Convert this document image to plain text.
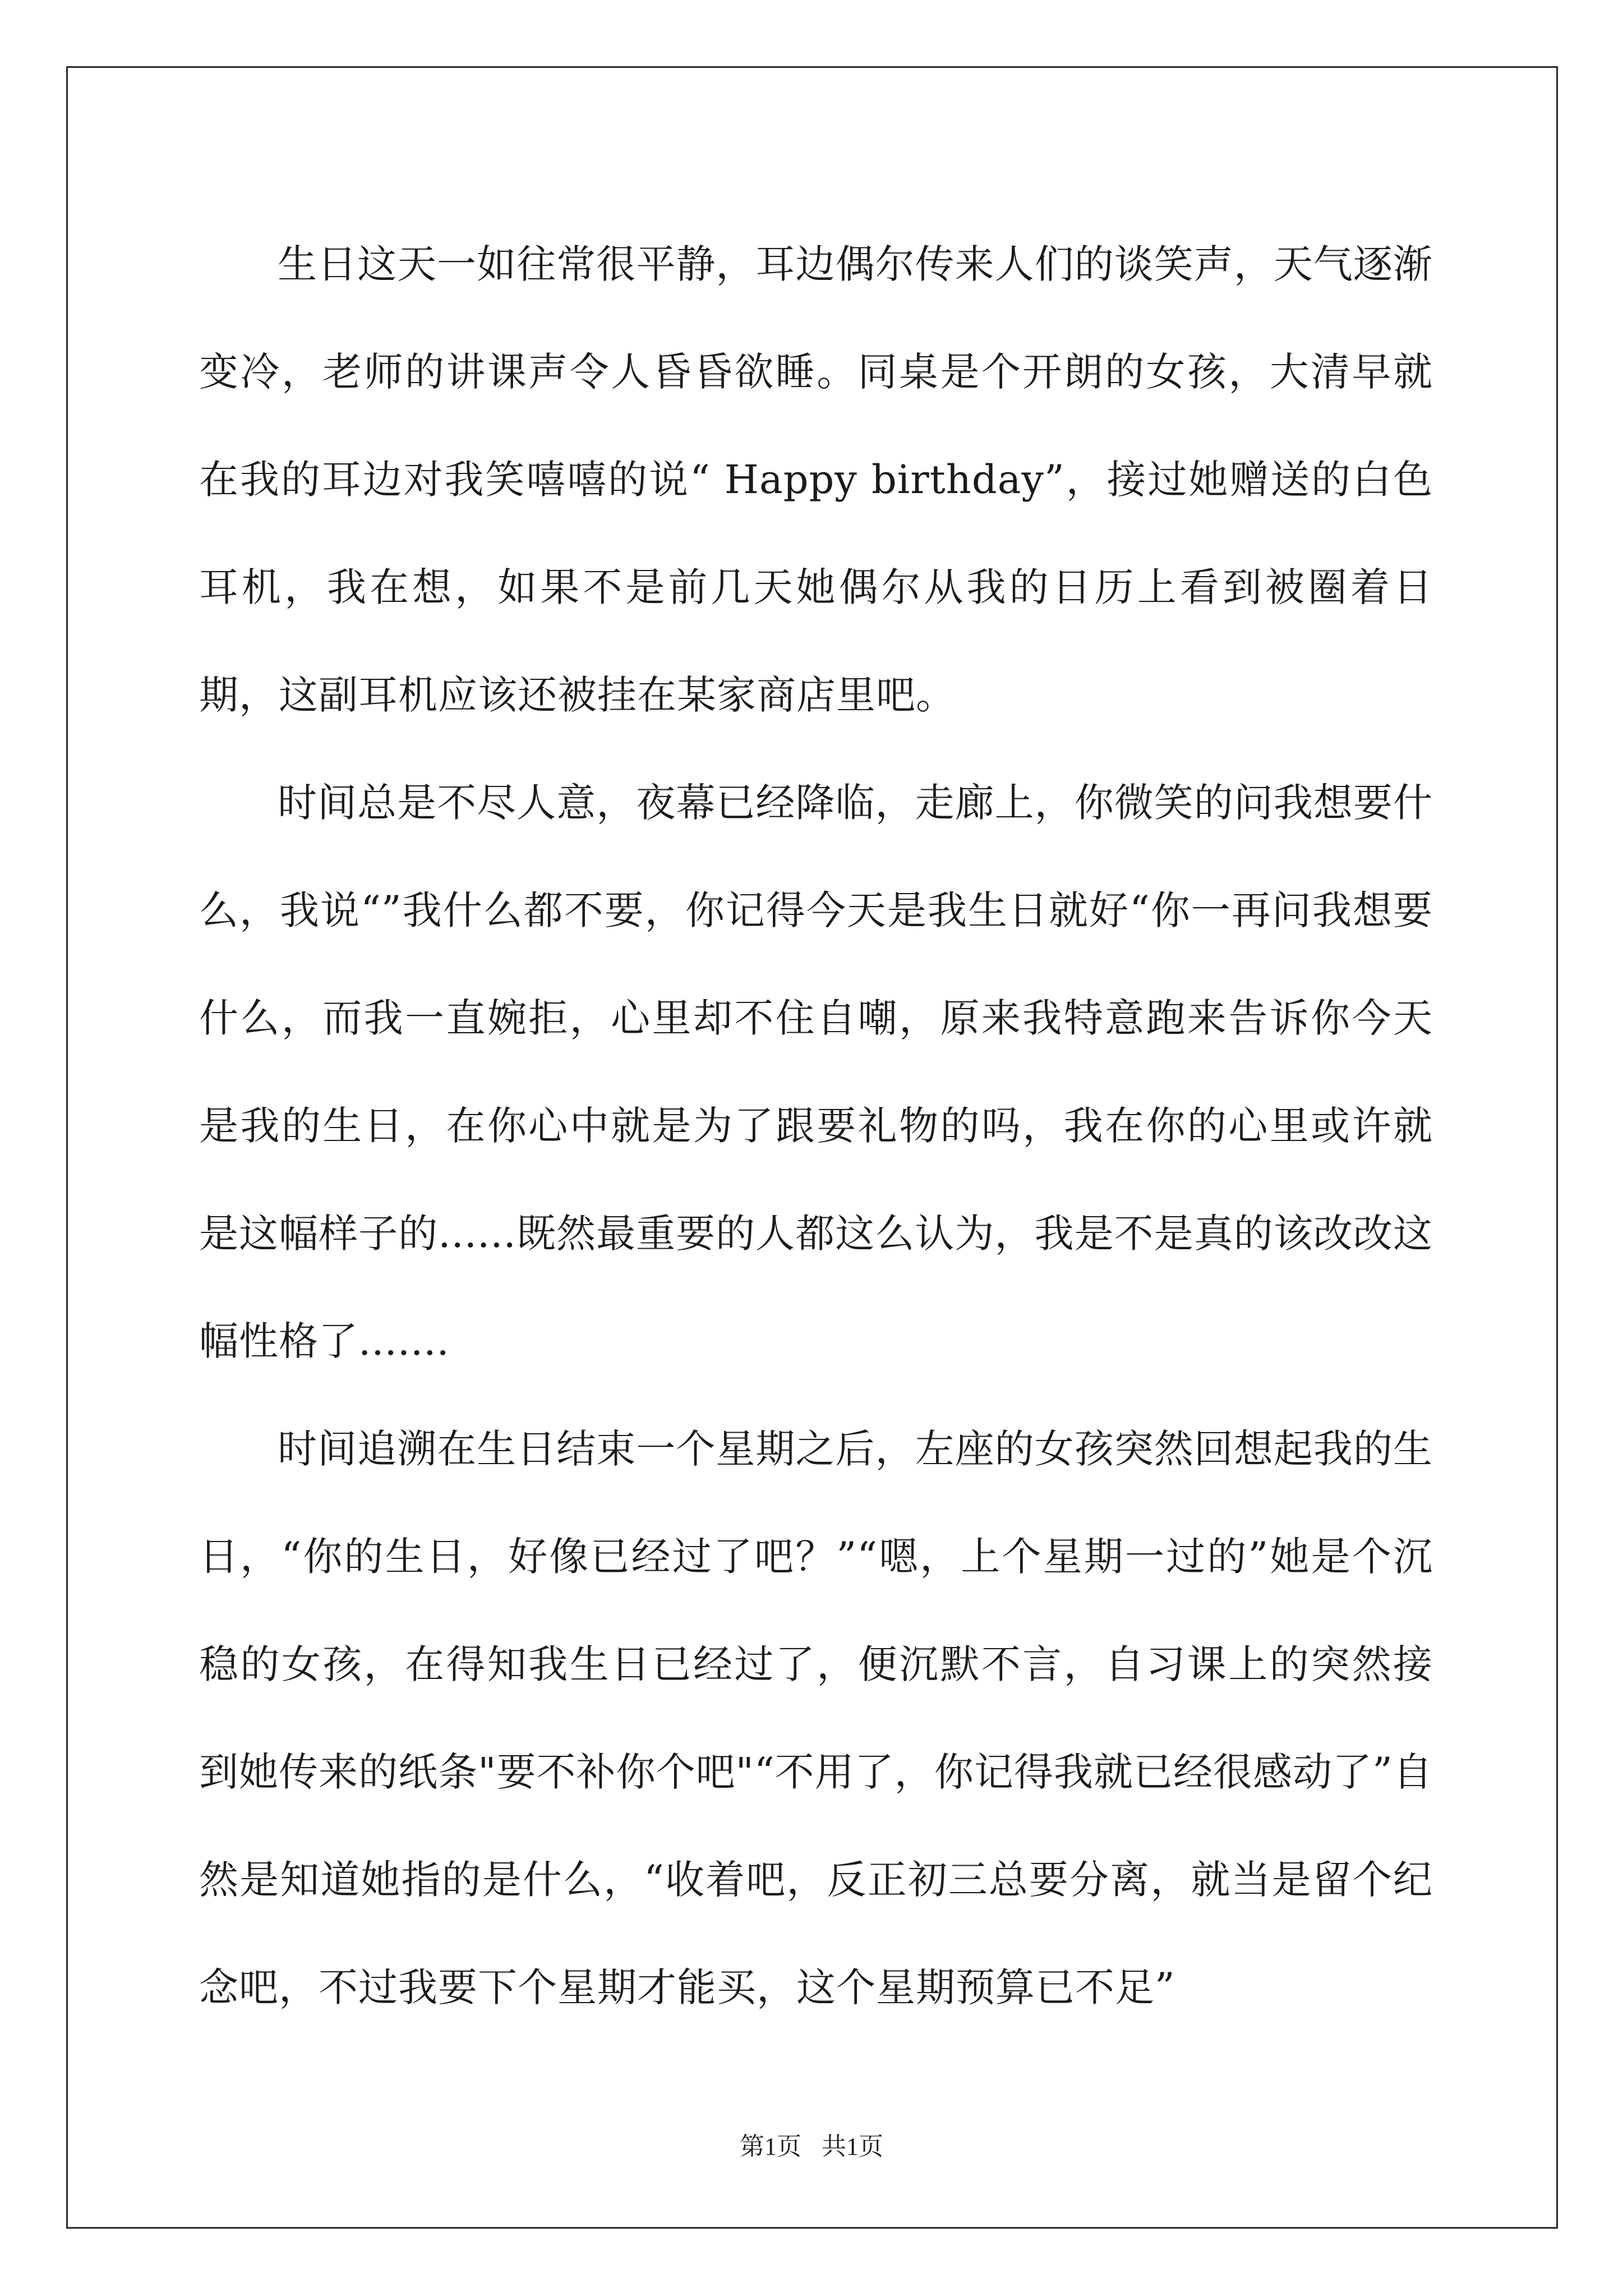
生日这天一如往常很平静，耳边偶尔传来人们的谈笑声，天气逐渐变冷，老师的讲课声令人昏昏欲睡。同桌是个开朗的女孩，大清早就在我的耳边对我笑嘻嘻的说“ Happy birthday”，接过她赠送的白色耳机，我在想，如果不是前几天她偶尔从我的日历上看到被圈着日期，这副耳机应该还被挂在某家商店里吧。

时间总是不尽人意，夜幕已经降临，走廊上，你微笑的问我想要什么，我说“”我什么都不要，你记得今天是我生日就好“你一再问我想要什么，而我一直婉拒，心里却不住自嘲，原来我特意跑来告诉你今天是我的生日，在你心中就是为了跟要礼物的吗，我在你的心里或许就是这幅样子的......既然最重要的人都这么认为，我是不是真的该改改这幅性格了.......

时间追溯在生日结束一个星期之后，左座的女孩突然回想起我的生日，“你的生日，好像已经过了吧？”“嗯，上个星期一过的”她是个沉稳的女孩，在得知我生日已经过了，便沉默不言，自习课上的突然接到她传来的纸条"要不补你个吧"“不用了，你记得我就已经很感动了”自然是知道她指的是什么，“收着吧，反正初三总要分离，就当是留个纪念吧，不过我要下个星期才能买，这个星期预算已不足”

第1页 共1页
